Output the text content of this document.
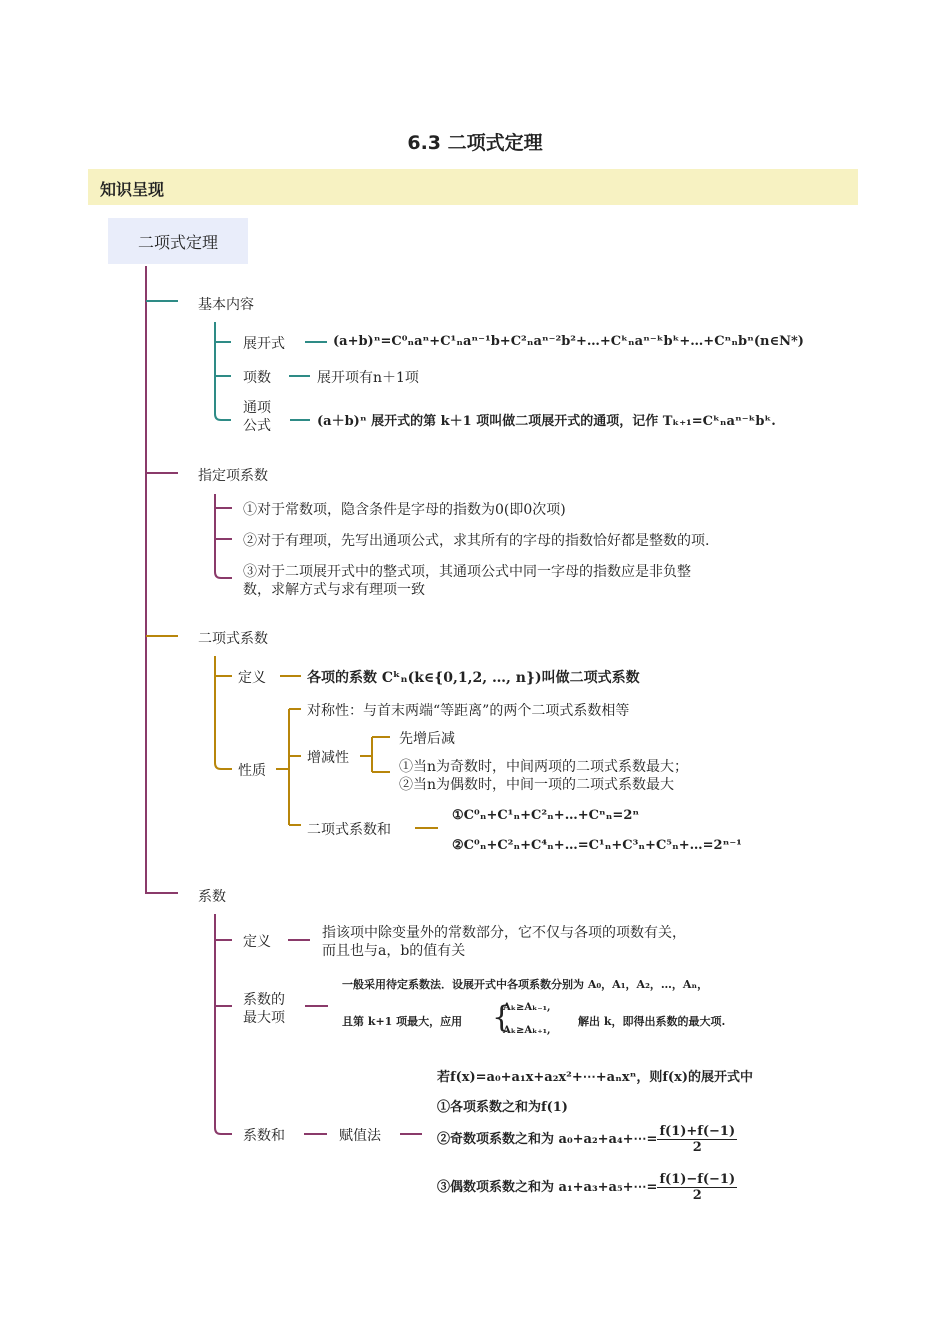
6.3 二项式定理
知识呈现
二项式定理
基本内容
展开式	(a+b)ⁿ=C⁰ₙaⁿ+C¹ₙaⁿ⁻¹b+C²ₙaⁿ⁻²b²+…+Cᵏₙaⁿ⁻ᵏbᵏ+…+Cⁿₙbⁿ(n∈N*)
项数	展开项有n＋1项
通项
公式	(a＋b)ⁿ 展开式的第 k＋1 项叫做二项展开式的通项，记作 Tₖ₊₁=Cᵏₙaⁿ⁻ᵏbᵏ.
指定项系数
①对于常数项，隐含条件是字母的指数为0(即0次项)
②对于有理项，先写出通项公式，求其所有的字母的指数恰好都是整数的项.
③对于二项展开式中的整式项，其通项公式中同一字母的指数应是非负整
数，求解方式与求有理项一致
二项式系数
定义	各项的系数 Cᵏₙ(k∈{0,1,2, …, n})叫做二项式系数
性质
对称性：与首末两端“等距离”的两个二项式系数相等
增减性
先增后减
①当n为奇数时，中间两项的二项式系数最大；
②当n为偶数时，中间一项的二项式系数最大
二项式系数和
①C⁰ₙ+C¹ₙ+C²ₙ+…+Cⁿₙ=2ⁿ
②C⁰ₙ+C²ₙ+C⁴ₙ+…=C¹ₙ+C³ₙ+C⁵ₙ+…=2ⁿ⁻¹
系数
定义
指该项中除变量外的常数部分，它不仅与各项的项数有关，
而且也与a，b的值有关
系数的
最大项
一般采用待定系数法．设展开式中各项系数分别为 A₀，A₁，A₂，…，Aₙ，
且第 k+1 项最大，应用 {
Aₖ≥Aₖ₋₁,
Aₖ≥Aₖ₊₁,
解出 k，即得出系数的最大项.
系数和	赋值法
若f(x)=a₀+a₁x+a₂x²+⋯+aₙxⁿ，则f(x)的展开式中
①各项系数之和为f(1)
②奇数项系数之和为 a₀+a₂+a₄+⋯= $\frac{f(1)+f(-1)}{2}$
③偶数项系数之和为 a₁+a₃+a₅+⋯= $\frac{f(1)-f(-1)}{2}$
